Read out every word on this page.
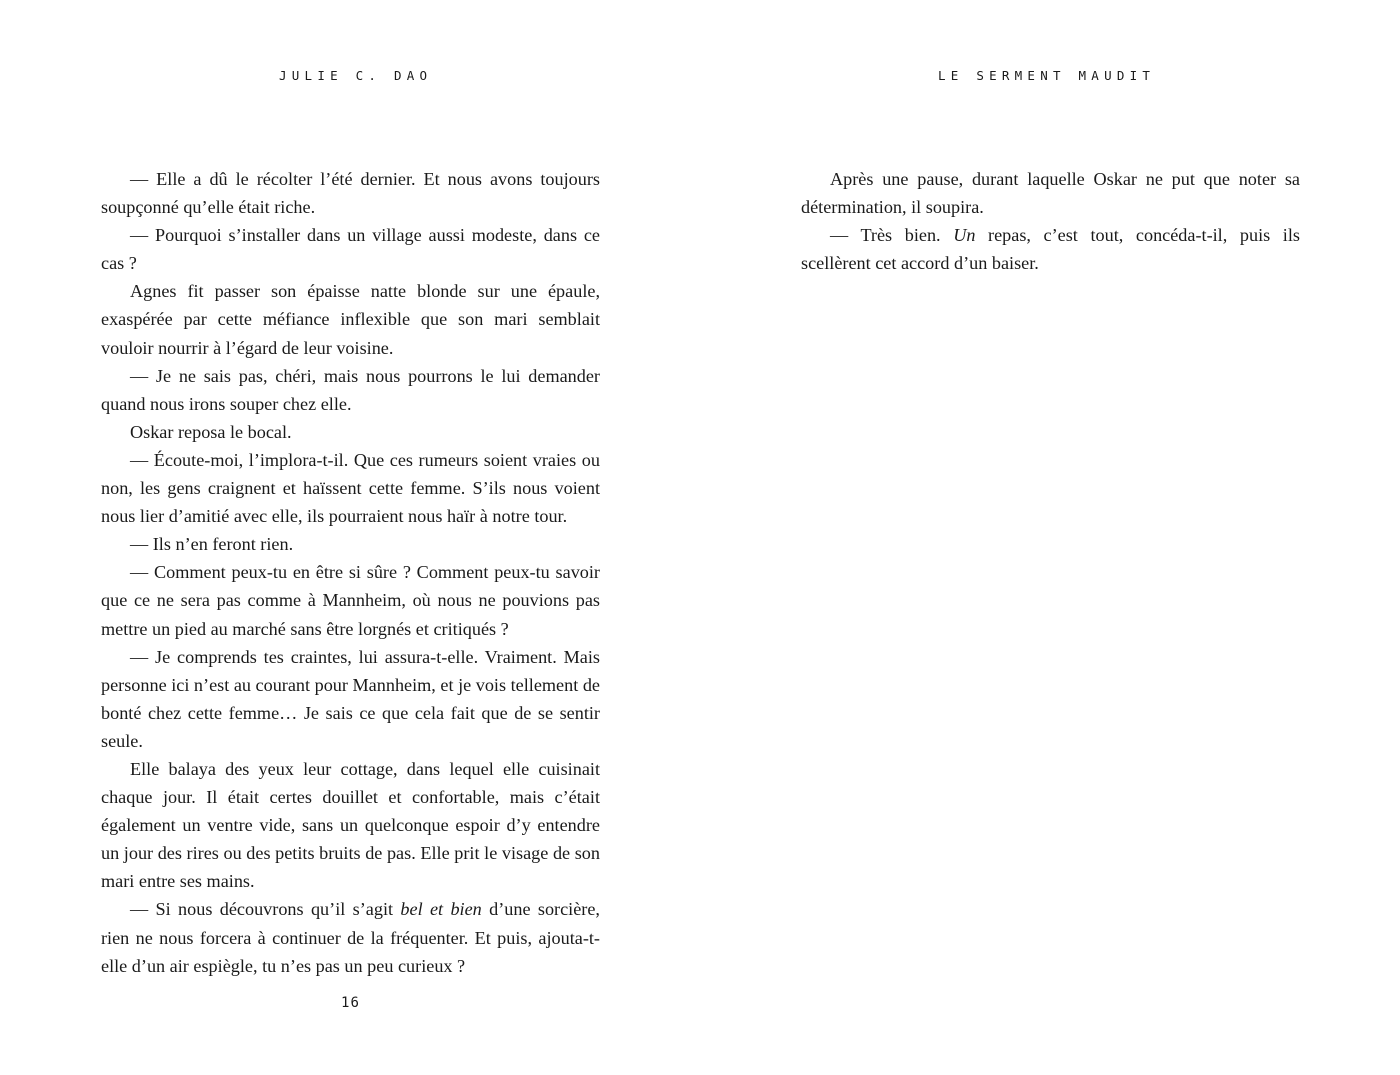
JULIE C. DAO

— Elle a dû le récolter l’été dernier. Et nous avons toujours soupçonné qu’elle était riche.

— Pourquoi s’installer dans un village aussi modeste, dans ce cas ?

Agnes fit passer son épaisse natte blonde sur une épaule, exaspérée par cette méfiance inflexible que son mari semblait vouloir nourrir à l’égard de leur voisine.

— Je ne sais pas, chéri, mais nous pourrons le lui demander quand nous irons souper chez elle.

Oskar reposa le bocal.

— Écoute-moi, l’implora-t-il. Que ces rumeurs soient vraies ou non, les gens craignent et haïssent cette femme. S’ils nous voient nous lier d’amitié avec elle, ils pourraient nous haïr à notre tour.

— Ils n’en feront rien.

— Comment peux-tu en être si sûre ? Comment peux-tu savoir que ce ne sera pas comme à Mannheim, où nous ne pouvions pas mettre un pied au marché sans être lorgnés et critiqués ?

— Je comprends tes craintes, lui assura-t-elle. Vraiment. Mais personne ici n’est au courant pour Mannheim, et je vois tellement de bonté chez cette femme… Je sais ce que cela fait que de se sentir seule.

Elle balaya des yeux leur cottage, dans lequel elle cuisinait chaque jour. Il était certes douillet et confortable, mais c’était également un ventre vide, sans un quelconque espoir d’y entendre un jour des rires ou des petits bruits de pas. Elle prit le visage de son mari entre ses mains.

— Si nous découvrons qu’il s’agit bel et bien d’une sorcière, rien ne nous forcera à continuer de la fréquenter. Et puis, ajouta-t-elle d’un air espiègle, tu n’es pas un peu curieux ?

16
LE SERMENT MAUDIT

Après une pause, durant laquelle Oskar ne put que noter sa détermination, il soupira.

— Très bien. Un repas, c’est tout, concéda-t-il, puis ils scellèrent cet accord d’un baiser.
